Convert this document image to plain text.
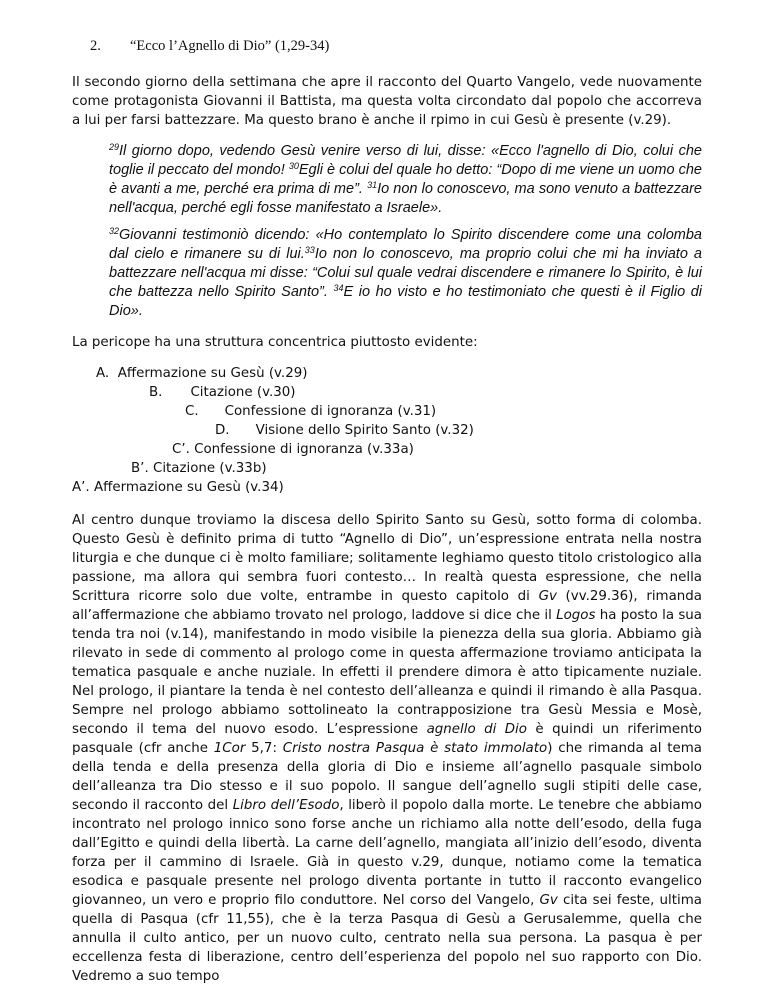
2. “Ecco l’Agnello di Dio” (1,29-34)

Il secondo giorno della settimana che apre il racconto del Quarto Vangelo, vede nuovamente come protagonista Giovanni il Battista, ma questa volta circondato dal popolo che accorreva a lui per farsi battezzare. Ma questo brano è anche il rpimo in cui Gesù è presente (v.29).

$^{29}$Il giorno dopo, vedendo Gesù venire verso di lui, disse: «Ecco l'agnello di Dio, colui che toglie il peccato del mondo! $^{30}$Egli è colui del quale ho detto: “Dopo di me viene un uomo che è avanti a me, perché era prima di me”. $^{31}$Io non lo conoscevo, ma sono venuto a battezzare nell'acqua, perché egli fosse manifestato a Israele».

$^{32}$Giovanni testimoniò dicendo: «Ho contemplato lo Spirito discendere come una colomba dal cielo e rimanere su di lui.$^{33}$Io non lo conoscevo, ma proprio colui che mi ha inviato a battezzare nell'acqua mi disse: “Colui sul quale vedrai discendere e rimanere lo Spirito, è lui che battezza nello Spirito Santo”. $^{34}$E io ho visto e ho testimoniato che questi è il Figlio di Dio».

La pericope ha una struttura concentrica piuttosto evidente:

A. Affermazione su Gesù (v.29)
B. Citazione (v.30)
C. Confessione di ignoranza (v.31)
D. Visione dello Spirito Santo (v.32)
C’. Confessione di ignoranza (v.33a)
B’. Citazione (v.33b)
A’. Affermazione su Gesù (v.34)

Al centro dunque troviamo la discesa dello Spirito Santo su Gesù, sotto forma di colomba. Questo Gesù è definito prima di tutto “Agnello di Dio”, un’espressione entrata nella nostra liturgia e che dunque ci è molto familiare; solitamente leghiamo questo titolo cristologico alla passione, ma allora qui sembra fuori contesto… In realtà questa espressione, che nella Scrittura ricorre solo due volte, entrambe in questo capitolo di Gv (vv.29.36), rimanda all’affermazione che abbiamo trovato nel prologo, laddove si dice che il Logos ha posto la sua tenda tra noi (v.14), manifestando in modo visibile la pienezza della sua gloria. Abbiamo già rilevato in sede di commento al prologo come in questa affermazione troviamo anticipata la tematica pasquale e anche nuziale. In effetti il prendere dimora è atto tipicamente nuziale. Nel prologo, il piantare la tenda è nel contesto dell’alleanza e quindi il rimando è alla Pasqua. Sempre nel prologo abbiamo sottolineato la contrapposizione tra Gesù Messia e Mosè, secondo il tema del nuovo esodo. L’espressione agnello di Dio è quindi un riferimento pasquale (cfr anche 1Cor 5,7: Cristo nostra Pasqua è stato immolato) che rimanda al tema della tenda e della presenza della gloria di Dio e insieme all’agnello pasquale simbolo dell’alleanza tra Dio stesso e il suo popolo. Il sangue dell’agnello sugli stipiti delle case, secondo il racconto del Libro dell’Esodo, liberò il popolo dalla morte. Le tenebre che abbiamo incontrato nel prologo innico sono forse anche un richiamo alla notte dell’esodo, della fuga dall’Egitto e quindi della libertà. La carne dell’agnello, mangiata all’inizio dell’esodo, diventa forza per il cammino di Israele. Già in questo v.29, dunque, notiamo come la tematica esodica e pasquale presente nel prologo diventa portante in tutto il racconto evangelico giovanneo, un vero e proprio filo conduttore. Nel corso del Vangelo, Gv cita sei feste, ultima quella di Pasqua (cfr 11,55), che è la terza Pasqua di Gesù a Gerusalemme, quella che annulla il culto antico, per un nuovo culto, centrato nella sua persona. La pasqua è per eccellenza festa di liberazione, centro dell’esperienza del popolo nel suo rapporto con Dio. Vedremo a suo tempo
